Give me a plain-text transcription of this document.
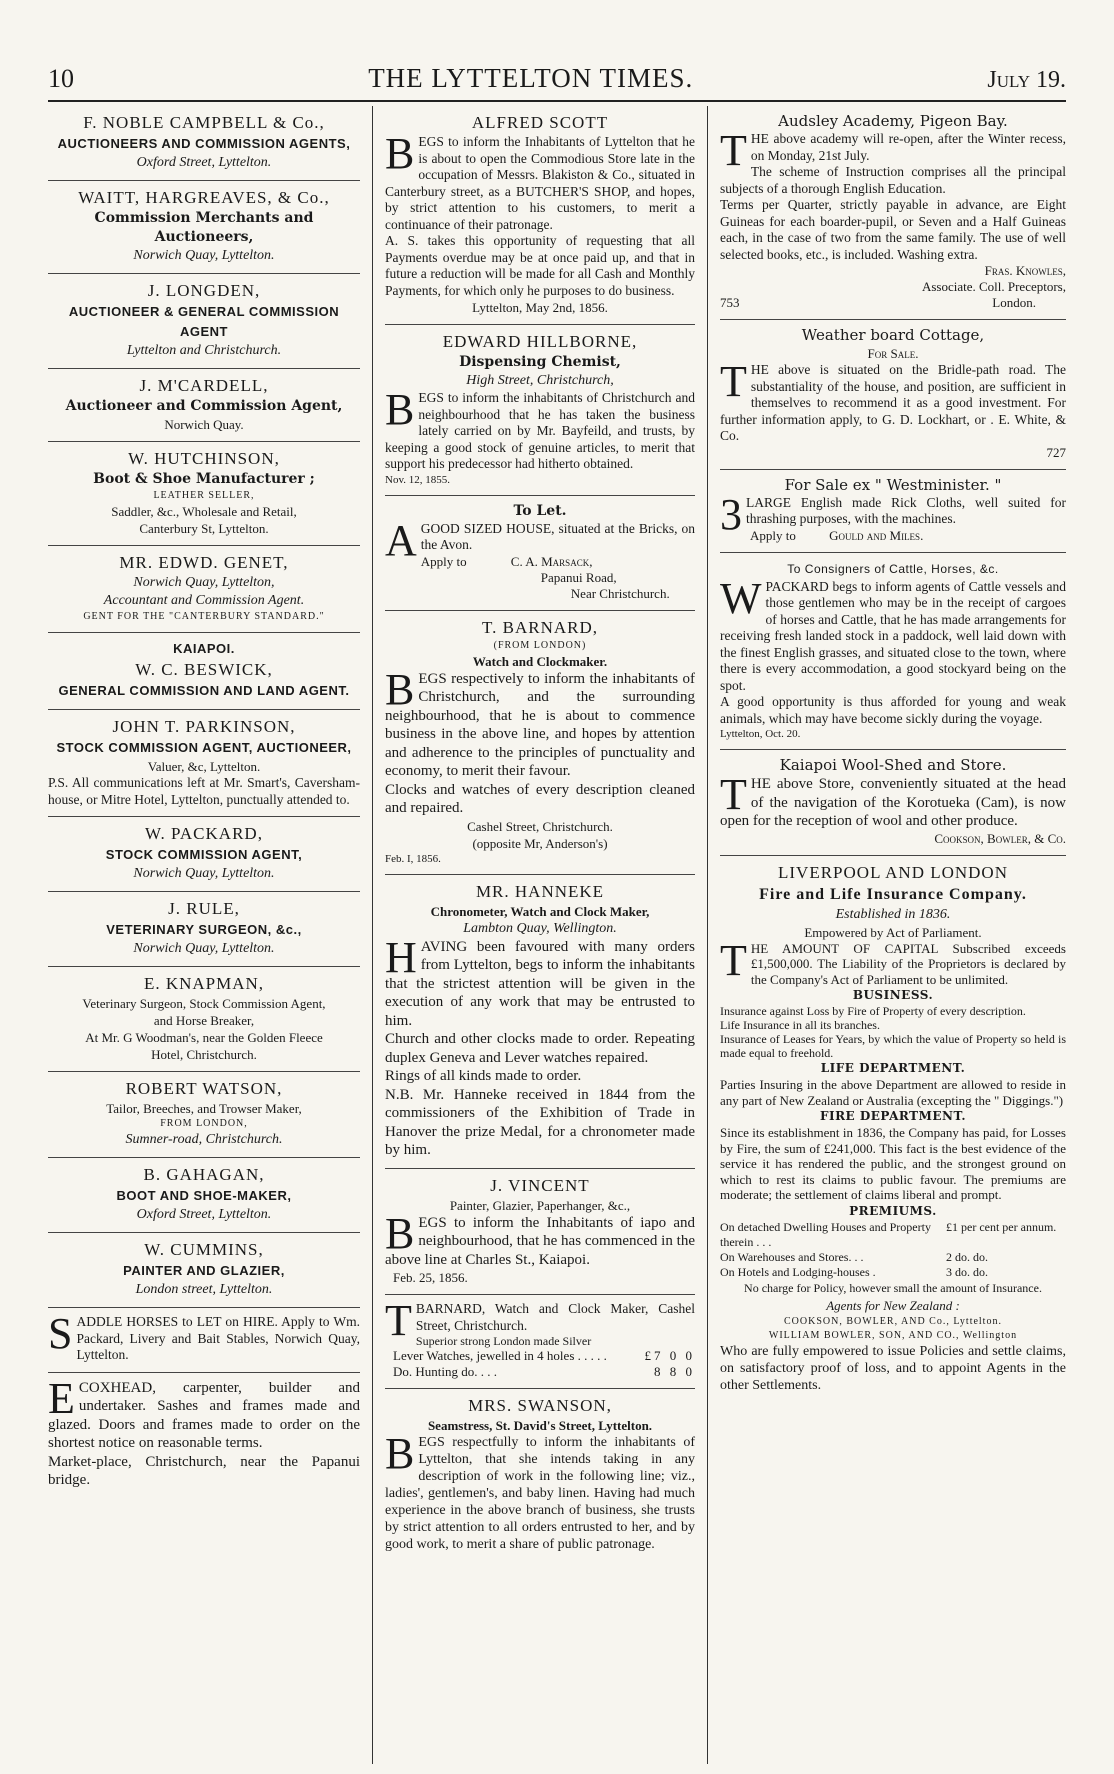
10	THE LYTTELTON TIMES.	July 19.
F. NOBLE CAMPBELL & Co.,
AUCTIONEERS AND COMMISSION AGENTS,
Oxford Street, Lyttelton.
WAITT, HARGREAVES, & Co.,
Commission Merchants and Auctioneers,
Norwich Quay, Lyttelton.
J. LONGDEN,
AUCTIONEER & GENERAL COMMISSION AGENT
Lyttelton and Christchurch.
J. M'CARDELL,
Auctioneer and Commission Agent,
Norwich Quay.
W. HUTCHINSON,
Boot & Shoe Manufacturer ;
LEATHER SELLER,
Saddler, &c., Wholesale and Retail,
Canterbury St, Lyttelton.
MR. EDWD. GENET,
Norwich Quay, Lyttelton,
Accountant and Commission Agent.
GENT FOR THE "CANTERBURY STANDARD."
KAIAPOI.
W. C. BESWICK,
GENERAL COMMISSION AND LAND AGENT.
JOHN T. PARKINSON,
STOCK COMMISSION AGENT, AUCTIONEER,
Valuer, &c, Lyttelton.

P.S. All communications left at Mr. Smart's, Caversham-house, or Mitre Hotel, Lyttelton, punctually attended to.

W. PACKARD,
STOCK COMMISSION AGENT,
Norwich Quay, Lyttelton.
J. RULE,
VETERINARY SURGEON, &c.,
Norwich Quay, Lyttelton.
E. KNAPMAN,
Veterinary Surgeon, Stock Commission Agent,
and Horse Breaker,
At Mr. G Woodman's, near the Golden Fleece
Hotel, Christchurch.
ROBERT WATSON,
Tailor, Breeches, and Trowser Maker,
FROM LONDON,
Sumner-road, Christchurch.
B. GAHAGAN,
BOOT AND SHOE-MAKER,
Oxford Street, Lyttelton.
W. CUMMINS,
PAINTER AND GLAZIER,
London street, Lyttelton.
S ADDLE HORSES to LET on HIRE. Apply to Wm. Packard, Livery and Bait Stables, Norwich Quay, Lyttelton.

E COXHEAD, carpenter, builder and undertaker. Sashes and frames made and glazed. Doors and frames made to order on the shortest notice on reasonable terms.

Market-place, Christchurch, near the Papanui bridge.

ALFRED SCOTT
B EGS to inform the Inhabitants of Lyttelton that he is about to open the Commodious Store late in the occupation of Messrs. Blakiston & Co., situated in Canterbury street, as a BUTCHER'S SHOP, and hopes, by strict attention to his customers, to merit a continuance of their patronage.

A. S. takes this opportunity of requesting that all Payments overdue may be at once paid up, and that in future a reduction will be made for all Cash and Monthly Payments, for which only he purposes to do business.

Lyttelton, May 2nd, 1856.
EDWARD HILLBORNE,
Dispensing Chemist,
High Street, Christchurch,
B EGS to inform the inhabitants of Christchurch and neighbourhood that he has taken the business lately carried on by Mr. Bayfeild, and trusts, by keeping a good stock of genuine articles, to merit that support his predecessor had hitherto obtained.

Nov. 12, 1855.
To Let.
A GOOD SIZED HOUSE, situated at the Bricks, on the Avon.

Apply to	C. A. Marsack,
Papanui Road,
Near Christchurch.
T. BARNARD,
(FROM LONDON)
Watch and Clockmaker.
B EGS respectively to inform the inhabitants of Christchurch, and the surrounding neighbourhood, that he is about to commence business in the above line, and hopes by attention and adherence to the principles of punctuality and economy, to merit their favour.

Clocks and watches of every description cleaned and repaired.

Cashel Street, Christchurch.
(opposite Mr, Anderson's)
Feb. I, 1856.
MR. HANNEKE
Chronometer, Watch and Clock Maker,
Lambton Quay, Wellington.
H AVING been favoured with many orders from Lyttelton, begs to inform the inhabitants that the strictest attention will be given in the execution of any work that may be entrusted to him.

Church and other clocks made to order. Repeating duplex Geneva and Lever watches repaired.

Rings of all kinds made to order.

N.B. Mr. Hanneke received in 1844 from the commissioners of the Exhibition of Trade in Hanover the prize Medal, for a chronometer made by him.

J. VINCENT
Painter, Glazier, Paperhanger, &c.,
B EGS to inform the Inhabitants of iapo and neighbourhood, that he has commenced in the above line at Charles St., Kaiapoi.

Feb. 25, 1856.
T BARNARD, Watch and Clock Maker, Cashel Street, Christchurch.

Superior strong London made Silver
Lever Watches, jewelled in 4 holes . . . . .	£7 0 0
Do. Hunting do. . . .	8 8 0
MRS. SWANSON,
Seamstress, St. David's Street, Lyttelton.
B EGS respectfully to inform the inhabitants of Lyttelton, that she intends taking in any description of work in the following line; viz., ladies', gentlemen's, and baby linen. Having had much experience in the above branch of business, she trusts by strict attention to all orders entrusted to her, and by good work, to merit a share of public patronage.

Audsley Academy, Pigeon Bay.
T HE above academy will re-open, after the Winter recess, on Monday, 21st July.

The scheme of Instruction comprises all the principal subjects of a thorough English Education.

Terms per Quarter, strictly payable in advance, are Eight Guineas for each boarder-pupil, or Seven and a Half Guineas each, in the case of two from the same family. The use of well selected books, etc., is included. Washing extra.

Fras. Knowles,
Associate. Coll. Preceptors,
753	London.
Weather board Cottage,
For Sale.
T HE above is situated on the Bridle-path road. The substantiality of the house, and position, are sufficient in themselves to recommend it as a good investment. For further information apply, to G. D. Lockhart, or . E. White, & Co.

727
For Sale ex " Westminister. "
3 LARGE English made Rick Cloths, well suited for thrashing purposes, with the machines.

Apply to	Gould and Miles.
To Consigners of Cattle, Horses, &c.
W PACKARD begs to inform agents of Cattle vessels and those gentlemen who may be in the receipt of cargoes of horses and Cattle, that he has made arrangements for receiving fresh landed stock in a paddock, well laid down with the finest English grasses, and situated close to the town, where there is every accommodation, a good stockyard being on the spot.

A good opportunity is thus afforded for young and weak animals, which may have become sickly during the voyage.

Lyttelton, Oct. 20.
Kaiapoi Wool-Shed and Store.
T HE above Store, conveniently situated at the head of the navigation of the Korotueka (Cam), is now open for the reception of wool and other produce.

Cookson, Bowler, & Co.
LIVERPOOL AND LONDON
Fire and Life Insurance Company.
Established in 1836.
Empowered by Act of Parliament.
T HE AMOUNT OF CAPITAL Subscribed exceeds £1,500,000. The Liability of the Proprietors is declared by the Company's Act of Parliament to be unlimited.

BUSINESS.

Insurance against Loss by Fire of Property of every description.

Life Insurance in all its branches.

Insurance of Leases for Years, by which the value of Property so held is made equal to freehold.

LIFE DEPARTMENT.

Parties Insuring in the above Department are allowed to reside in any part of New Zealand or Australia (excepting the " Diggings.")

FIRE DEPARTMENT.

Since its establishment in 1836, the Company has paid, for Losses by Fire, the sum of £241,000. This fact is the best evidence of the service it has rendered the public, and the strongest ground on which to rest its claims to public favour. The premiums are moderate; the settlement of claims liberal and prompt.

PREMIUMS.
On detached Dwelling Houses and Property therein . . .
£1 per cent per annum.
On Warehouses and Stores. . .	2 do. do.
On Hotels and Lodging-houses .	3 do. do.
No charge for Policy, however small the amount of Insurance.
Agents for New Zealand :
COOKSON, BOWLER, AND Co., Lyttelton.
WILLIAM BOWLER, SON, AND CO., Wellington

Who are fully empowered to issue Policies and settle claims, on satisfactory proof of loss, and to appoint Agents in the other Settlements.
